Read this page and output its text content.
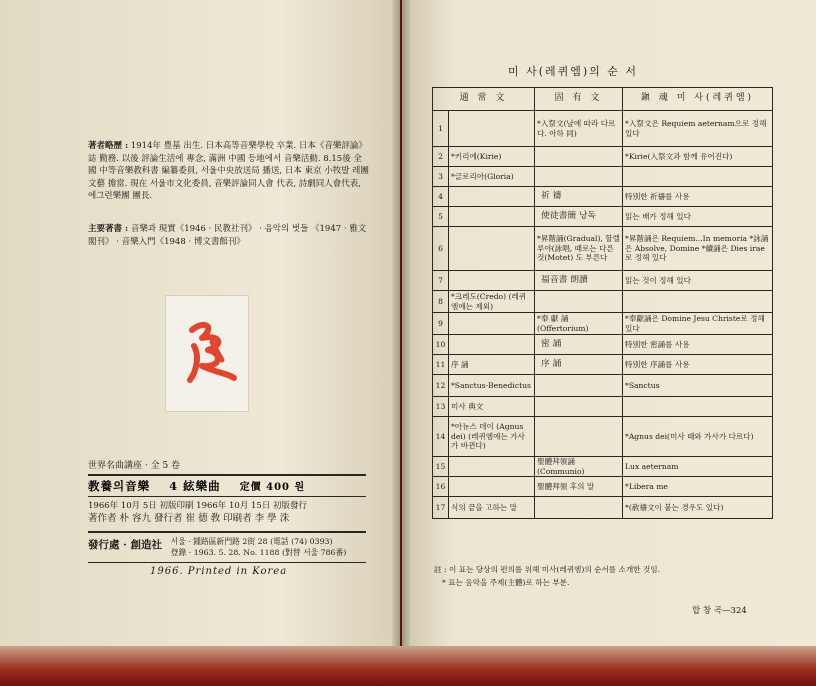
著者略歷 : 1914年 豊基 出生. 日本高等音樂學校 卒業. 日本《音樂評論》誌 勤務. 以後 評論生活에 專念, 滿洲 中國 등地에서 音樂活動. 8.15後 全國 中等音樂教科書 編纂委員, 서울中央放送局 播送, 日本 東京 小牧발 레團 文藝 擔當. 現在 서울市文化委員, 音樂評論同人會 代表, 詩劇同人會代表, 에그런樂團 團長.

主要著書 : 音樂과 現實《1946 · 民教社刊》 · 음악의 벗들 《1947 · 雅文閣刊》 · 音樂入門《1948 · 博文書館刊》
世界名曲講座 · 全 5 卷
教養의音樂 4 絃樂曲 定價 400 원
1966年 10月 5日 初版印刷 1966年 10月 15日 初版發行
著作者 朴 容九 發行者 崔 德 敎 印刷者 李 學 洙
發行處 · 創造社 서울 · 鍾路區新門路 2街 28 (電話 (74) 0393)
登錄 · 1963. 5. 28. No. 1188 (對替 서울 786番)
1966. Printed in Korea
미 사(레퀴엠)의 순 서
通 常 文		固 有 文	鎭 魂 미 사(레퀴엠)
1		*入祭文(날에 따라 다르다. 아하 同)	*入祭文은 Requiem aeternam으로 정해 있다
2	*키리에(Kirie)		*Kirie(入祭文과 함께 유어진다)
3	*글로리아(Gloria)		
4		祈 禱	特別한 祈禱를 사용
5		使徒書簡 낭독	읽는 배가 정해 있다
6		*昇階誦(Gradual), 할렐루야(詠唱, 때로는 다른것(Motet) 도 부른다	*昇階誦은 Requiem...In memoria *詠誦은 Absolve, Domine *續誦은 Dies irae로 정해 있다
7		福音書 朗讀	읽는 것이 정해 있다
8	*크레도(Credo) (레퀴엠에는 제외)		
9		*奉 獻 誦 (Offertorium)	*奉獻誦은 Domine Jesu Christe로 정해 있다
10		密 誦	特別한 密誦를 사용
11	序 誦	序 誦	特別한 序誦를 사용
12	*Sanctus-Benedictus		*Sanctus
13	미사 典文		
14	*아뉴스 데이 (Agnus dei) (레퀴엠에는 가사가 바뀐다)		*Agnus dei(미사 때와 가사가 다르다)
15		聖體拜領誦 (Communio)	Lux aeternam
16		聖體拜領 후의 말	*Libera me
17	식의 끝을 고하는 말		*(赦禱文이 붙는 경우도 있다)
註 : 이 표는 당상의 편의를 위해 미사(레퀴엠)의 순서를 소개한 것임.
* 표는 음악을 주제(主體)로 하는 부분.
합 창 곡—324
